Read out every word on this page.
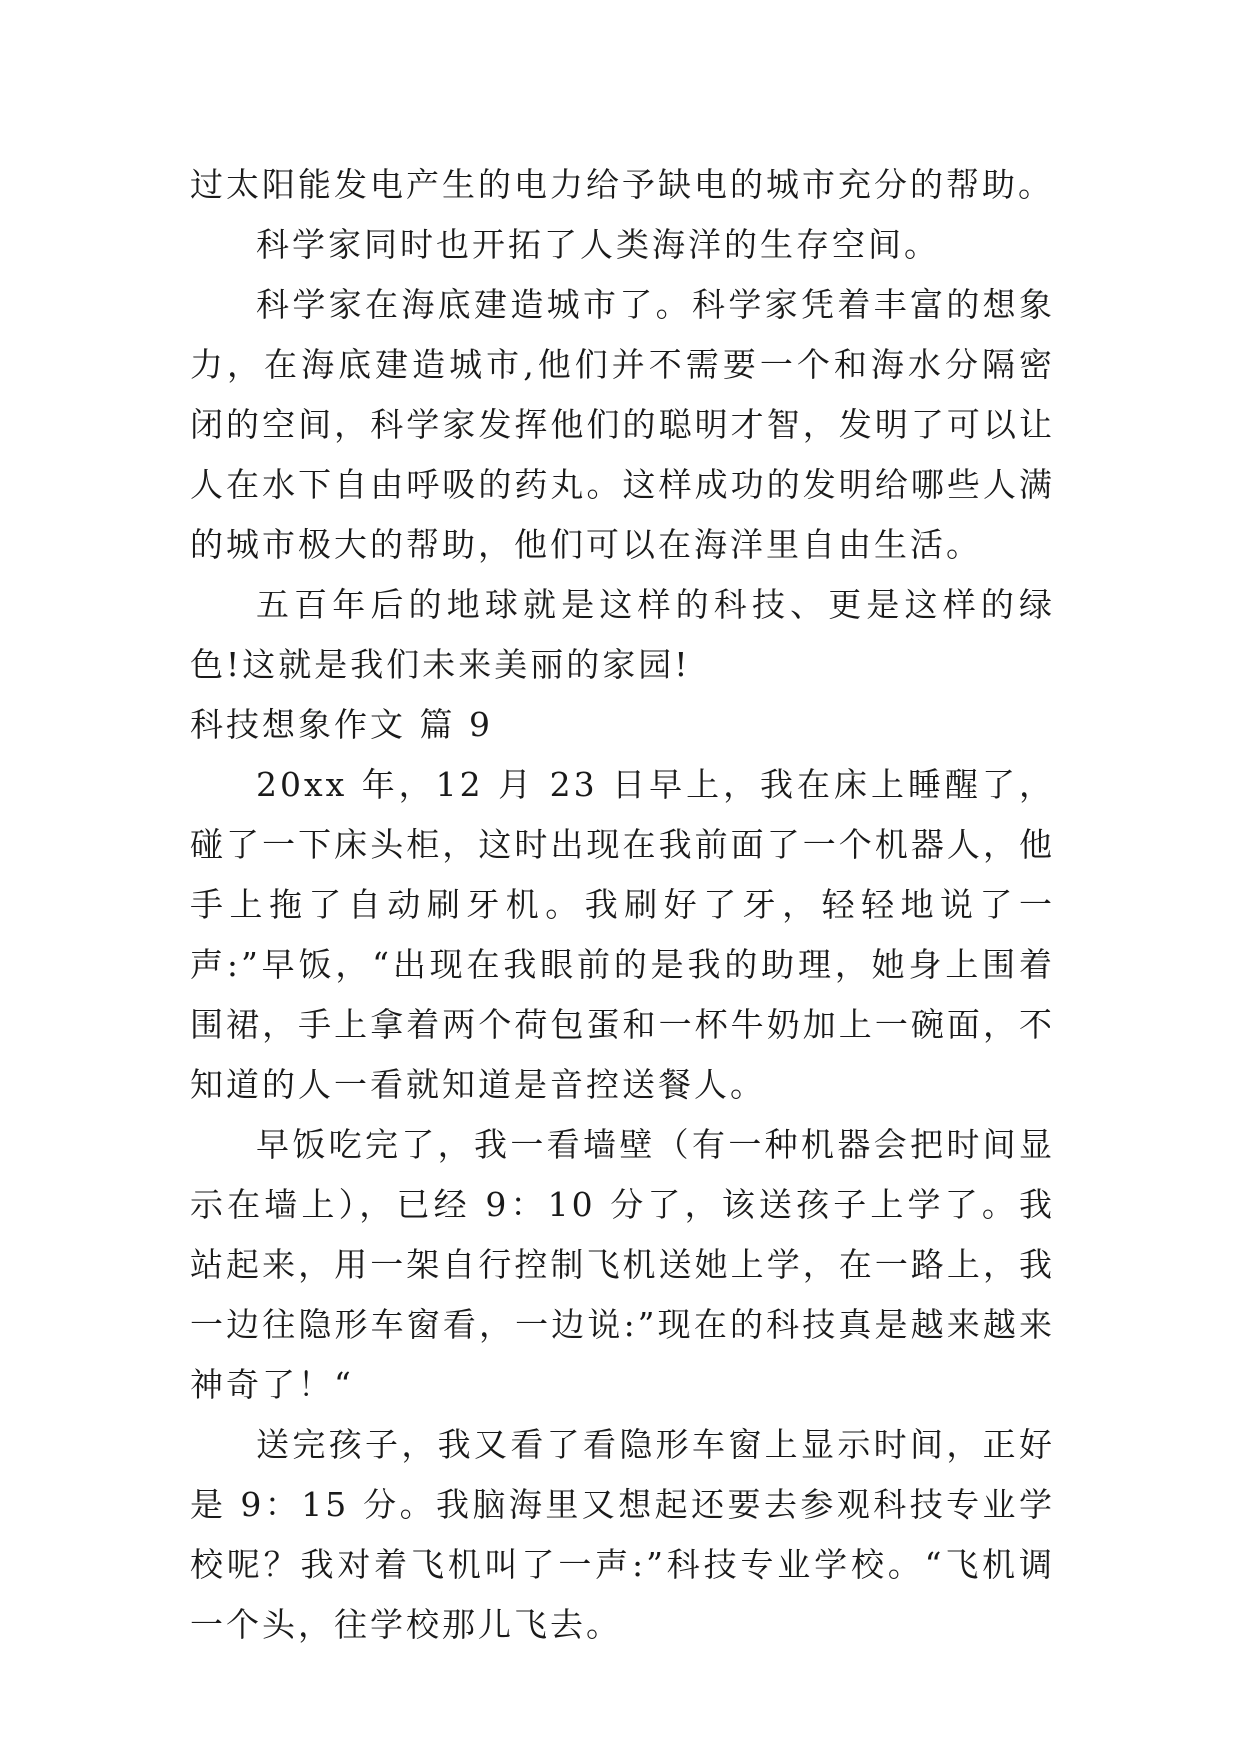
过太阳能发电产生的电力给予缺电的城市充分的帮助。

科学家同时也开拓了人类海洋的生存空间。

科学家在海底建造城市了。科学家凭着丰富的想象力，在海底建造城市,他们并不需要一个和海水分隔密闭的空间，科学家发挥他们的聪明才智，发明了可以让人在水下自由呼吸的药丸。这样成功的发明给哪些人满的城市极大的帮助，他们可以在海洋里自由生活。

五百年后的地球就是这样的科技、更是这样的绿色!这就是我们未来美丽的家园!

科技想象作文 篇 9

20xx 年，12 月 23 日早上，我在床上睡醒了，碰了一下床头柜，这时出现在我前面了一个机器人，他手上拖了自动刷牙机。我刷好了牙，轻轻地说了一声:”早饭，“出现在我眼前的是我的助理，她身上围着围裙，手上拿着两个荷包蛋和一杯牛奶加上一碗面，不知道的人一看就知道是音控送餐人。

早饭吃完了，我一看墙壁（有一种机器会把时间显示在墙上），已经 9：10 分了，该送孩子上学了。我站起来，用一架自行控制飞机送她上学，在一路上，我一边往隐形车窗看，一边说:”现在的科技真是越来越来神奇了！“

送完孩子，我又看了看隐形车窗上显示时间，正好是 9：15 分。我脑海里又想起还要去参观科技专业学校呢？我对着飞机叫了一声:”科技专业学校。“飞机调一个头，往学校那儿飞去。
